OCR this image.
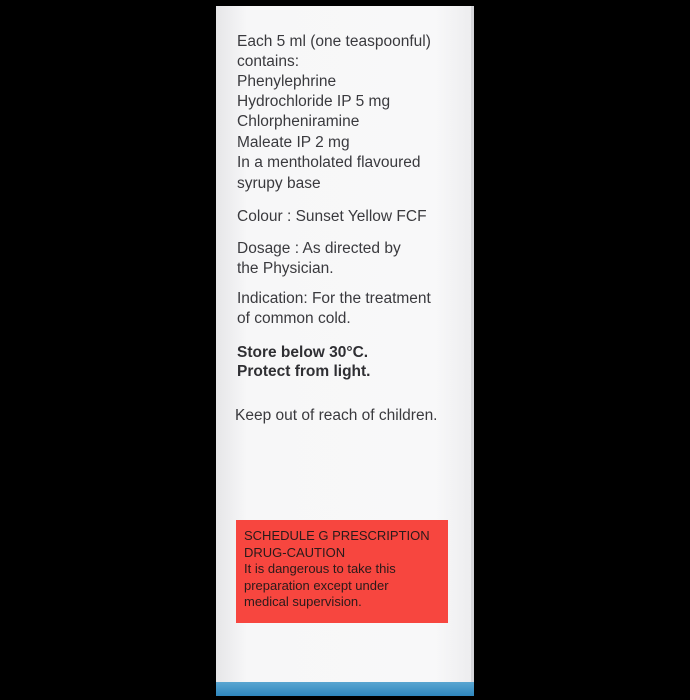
Each 5 ml (one teaspoonful)
contains:
Phenylephrine
Hydrochloride IP 5 mg
Chlorpheniramine
Maleate IP 2 mg
In a mentholated flavoured
syrupy base
Colour : Sunset Yellow FCF
Dosage : As directed by
the Physician.
Indication: For the treatment
of common cold.
Store below 30°C.
Protect from light.
Keep out of reach of children.
SCHEDULE G PRESCRIPTION
DRUG-CAUTION
It is dangerous to take this
preparation except under
medical supervision.
